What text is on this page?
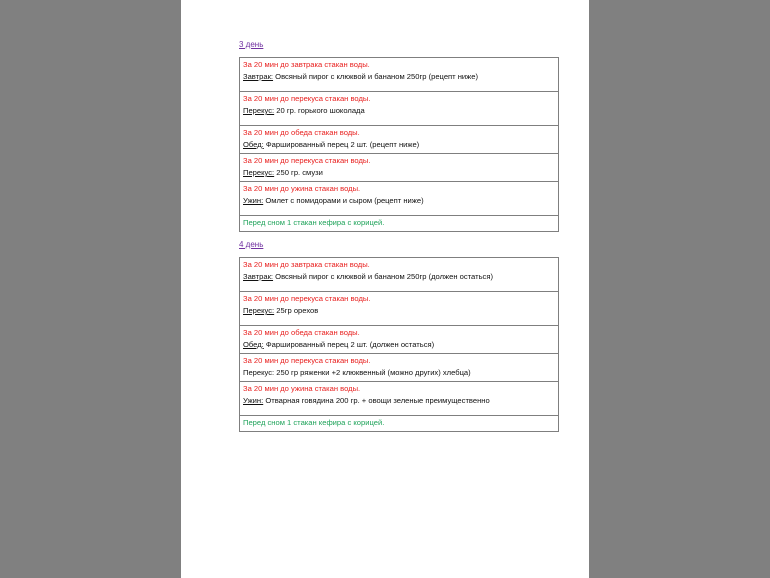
3 день
За 20 мин до завтрака стакан воды.
Завтрак: Овсяный пирог с клюквой и бананом 250гр (рецепт ниже)

За 20 мин до перекуса стакан воды.
Перекус: 20 гр. горького шоколада

За 20 мин до обеда стакан воды.
Обед: Фаршированный перец 2 шт. (рецепт ниже)

За 20 мин до перекуса стакан воды.
Перекус: 250 гр. смузи

За 20 мин до ужина стакан воды.
Ужин: Омлет с помидорами и сыром (рецепт ниже)

Перед сном 1 стакан кефира с корицей.
4 день
За 20 мин до завтрака стакан воды.
Завтрак: Овсяный пирог с клюквой и бананом 250гр (должен остаться)

За 20 мин до перекуса стакан воды.
Перекус: 25гр орехов

За 20 мин до обеда стакан воды.
Обед: Фаршированный перец 2 шт. (должен остаться)

За 20 мин до перекуса стакан воды.
Перекус: 250 гр ряженки +2 клюквенный (можно других) хлебца)

За 20 мин до ужина стакан воды.
Ужин: Отварная говядина 200 гр. + овощи зеленые преимущественно

Перед сном 1 стакан кефира с корицей.
